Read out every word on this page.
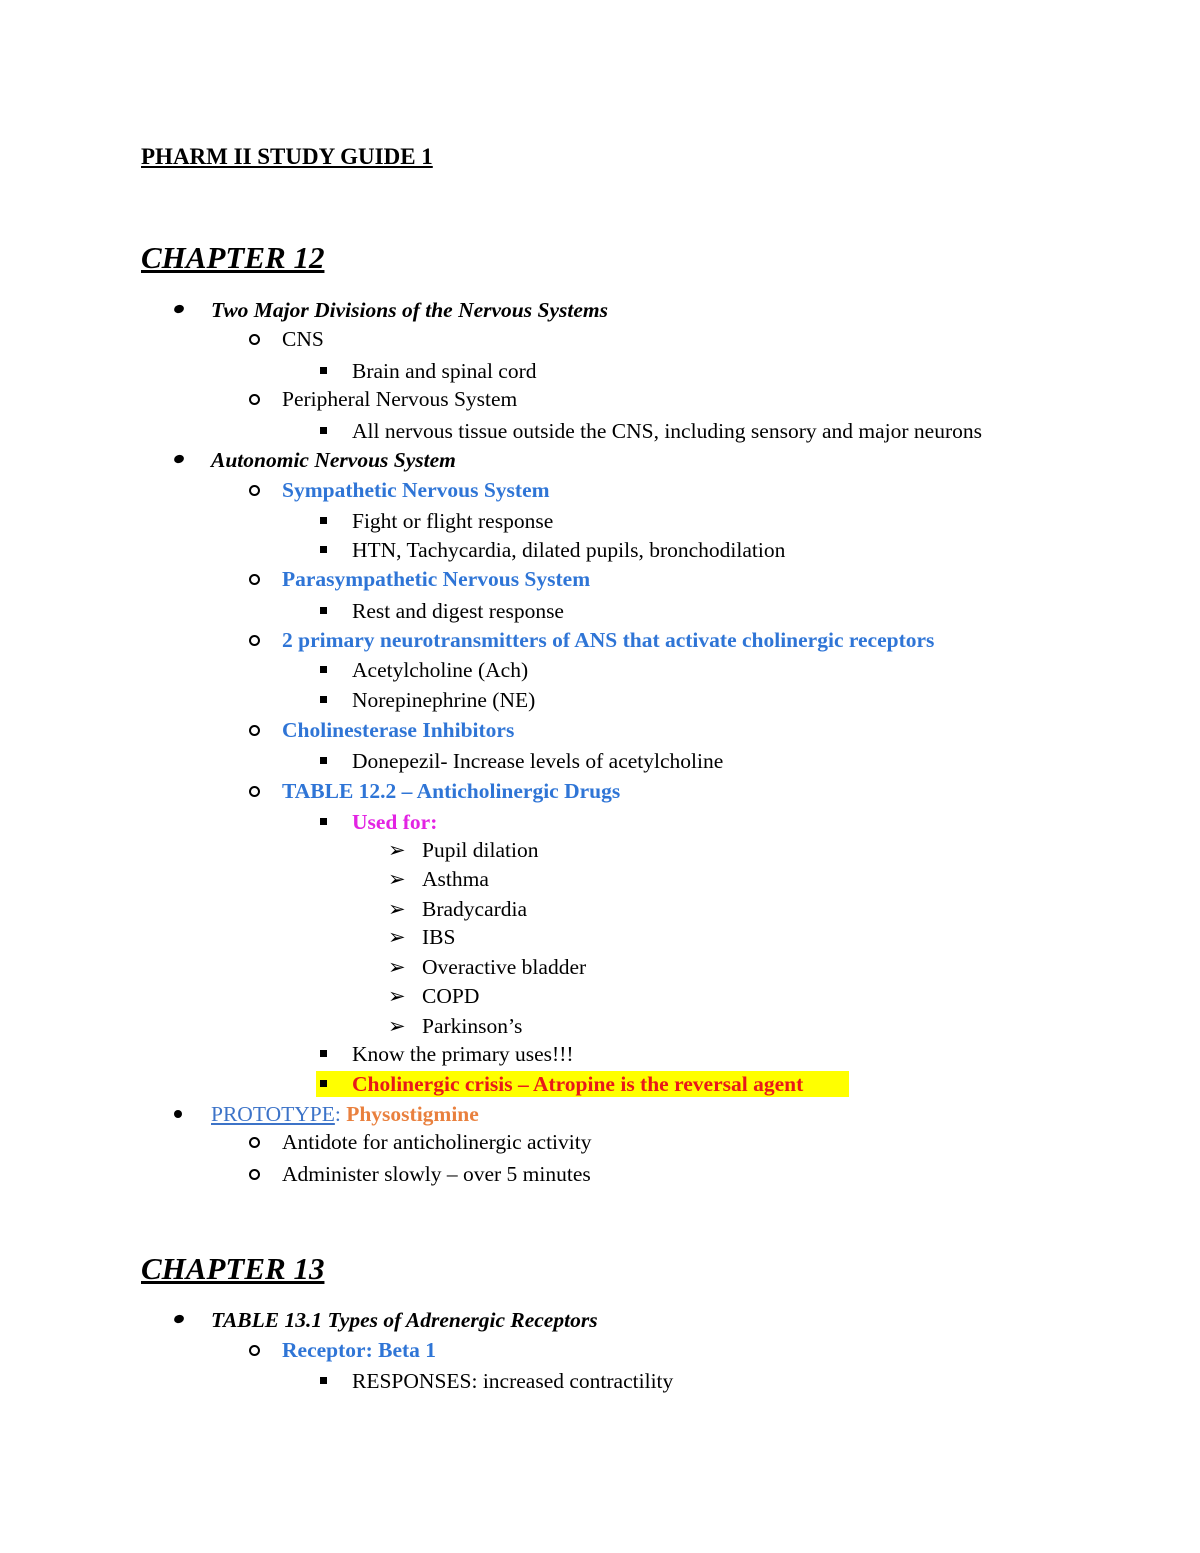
PHARM II STUDY GUIDE 1
CHAPTER 12
Two Major Divisions of the Nervous Systems
CNS
Brain and spinal cord
Peripheral Nervous System
All nervous tissue outside the CNS, including sensory and major neurons
Autonomic Nervous System
Sympathetic Nervous System
Fight or flight response
HTN, Tachycardia, dilated pupils, bronchodilation
Parasympathetic Nervous System
Rest and digest response
2 primary neurotransmitters of ANS that activate cholinergic receptors
Acetylcholine (Ach)
Norepinephrine (NE)
Cholinesterase Inhibitors
Donepezil- Increase levels of acetylcholine
TABLE 12.2 – Anticholinergic Drugs
Used for:
➢ Pupil dilation
➢ Asthma
➢ Bradycardia
➢ IBS
➢ Overactive bladder
➢ COPD
➢ Parkinson’s
Know the primary uses!!!
Cholinergic crisis – Atropine is the reversal agent
PROTOTYPE: Physostigmine
Antidote for anticholinergic activity
Administer slowly – over 5 minutes
CHAPTER 13
TABLE 13.1 Types of Adrenergic Receptors
Receptor: Beta 1
RESPONSES: increased contractility
